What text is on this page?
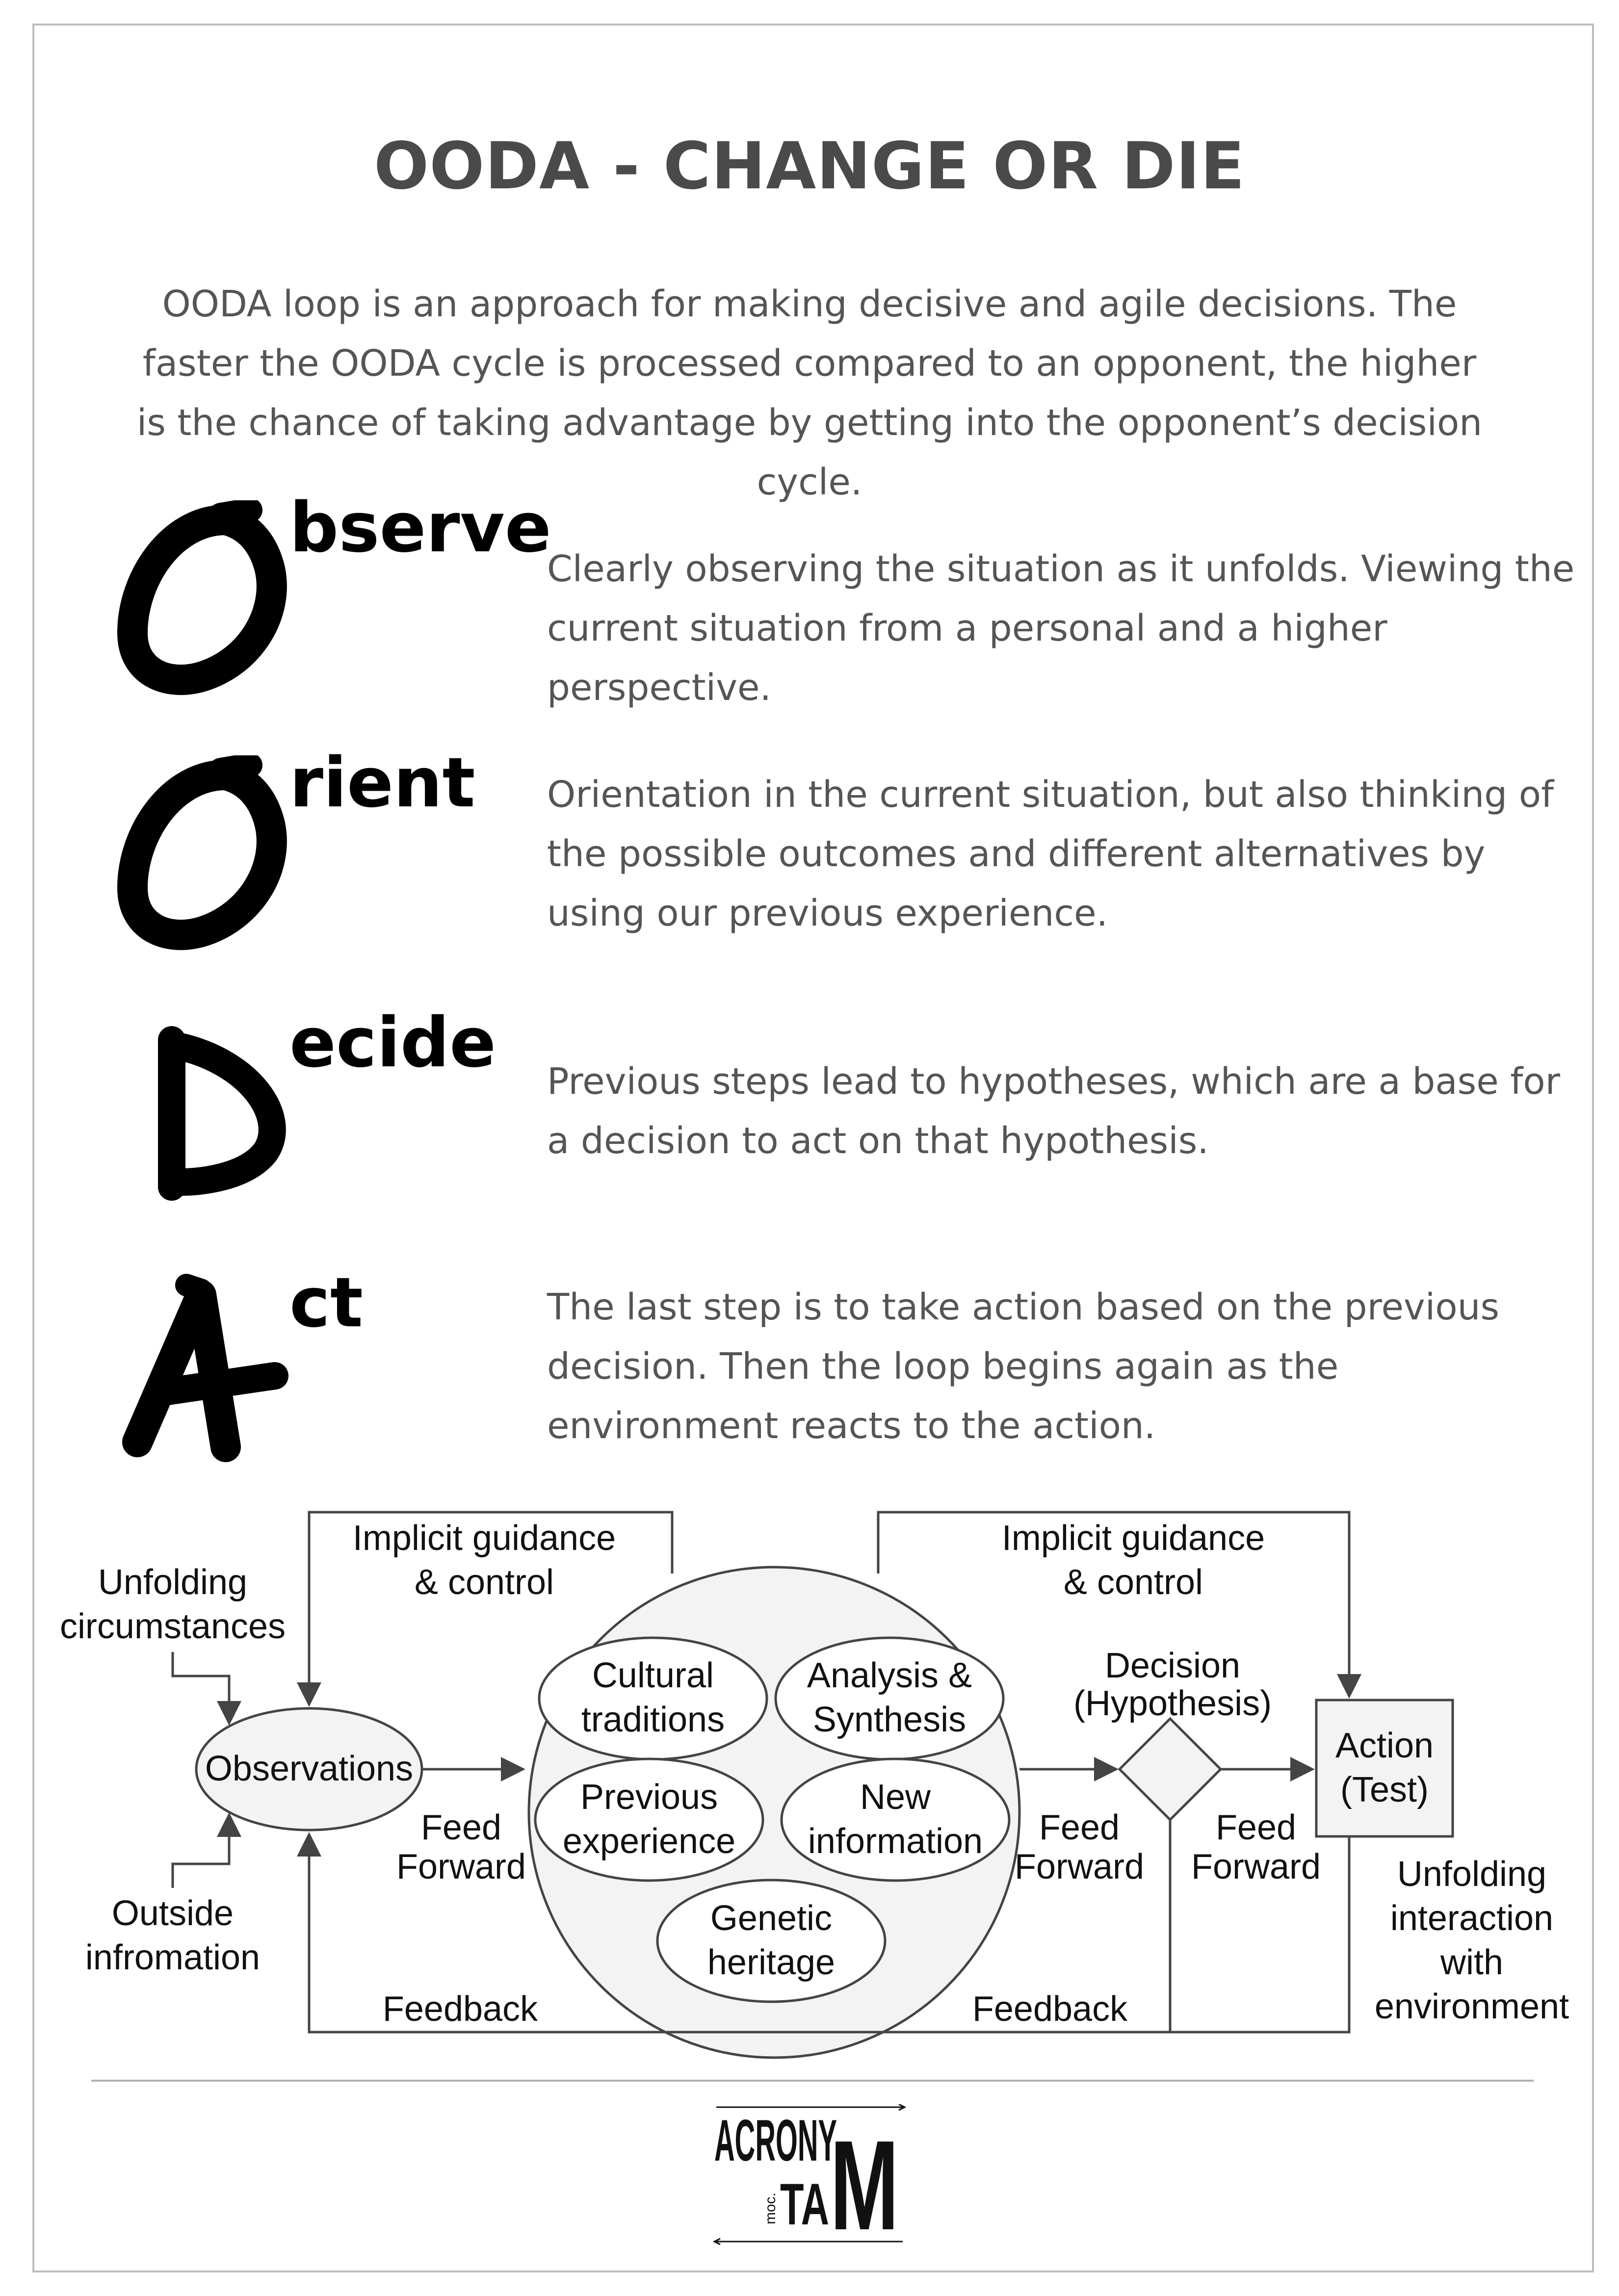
OODA - CHANGE OR DIE
OODA loop is an approach for making decisive and agile decisions. The faster the OODA cycle is processed compared to an opponent, the higher is the chance of taking advantage by getting into the opponent’s decision cycle.
bserve
Clearly observing the situation as it unfolds. Viewing the current situation from a personal and a higher perspective.
rient Orientation in the current situation, but also thinking of the possible outcomes and different alternatives by using our previous experience.
ecide Previous steps lead to hypotheses, which are a base for a decision to act on that hypothesis.
ct	The last step is to take action based on the previous decision. Then the loop begins again as the environment reacts to the action.
Implicit guidance
& control
Implicit guidance
& control
Unfolding
circumstances
Outside
infromation
Observations
Feed
Forward
Cultural
traditions
Analysis &
Synthesis
Previous
experience
New
information
Genetic
heritage
Feed
Forward
Decision
(Hypothesis)
Action
(Test)
Feed
Forward Unfolding
interaction
with
environment
Feedback	Feedback
ACRONY
TA M
moc.
